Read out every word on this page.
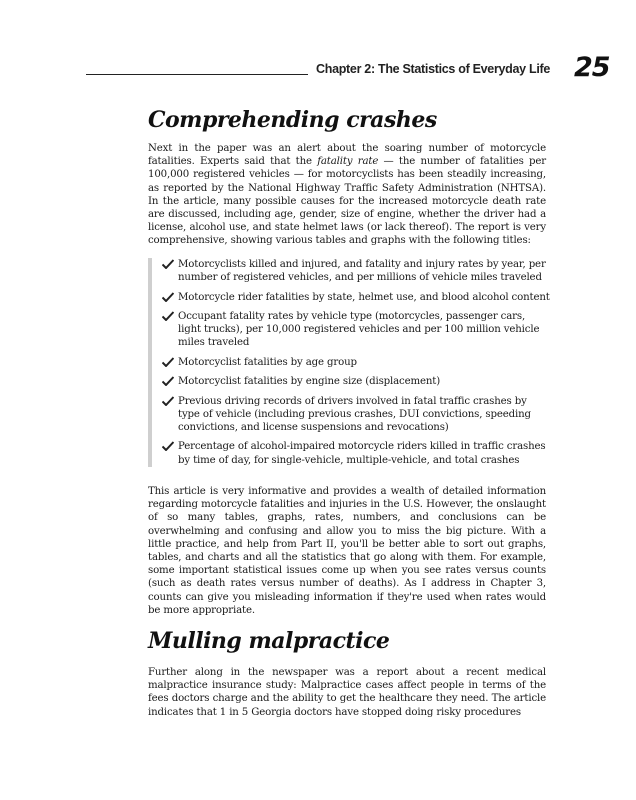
Chapter 2: The Statistics of Everyday Life 25
Comprehending crashes

Next in the paper was an alert about the soaring number of motorcycle fatalities. Experts said that the fatality rate — the number of fatalities per 100,000 registered vehicles — for motorcyclists has been steadily increasing, as reported by the National Highway Traffic Safety Administration (NHTSA). In the article, many possible causes for the increased motorcycle death rate are discussed, including age, gender, size of engine, whether the driver had a license, alcohol use, and state helmet laws (or lack thereof). The report is very comprehensive, showing various tables and graphs with the following titles:

Motorcyclists killed and injured, and fatality and injury rates by year, per number of registered vehicles, and per millions of vehicle miles traveled
Motorcycle rider fatalities by state, helmet use, and blood alcohol content
Occupant fatality rates by vehicle type (motorcycles, passenger cars, light trucks), per 10,000 registered vehicles and per 100 million vehicle miles traveled
Motorcyclist fatalities by age group
Motorcyclist fatalities by engine size (displacement)
Previous driving records of drivers involved in fatal traffic crashes by type of vehicle (including previous crashes, DUI convictions, speeding convictions, and license suspensions and revocations)
Percentage of alcohol-impaired motorcycle riders killed in traffic crashes by time of day, for single-vehicle, multiple-vehicle, and total crashes

This article is very informative and provides a wealth of detailed information regarding motorcycle fatalities and injuries in the U.S. However, the onslaught of so many tables, graphs, rates, numbers, and conclusions can be overwhelming and confusing and allow you to miss the big picture. With a little practice, and help from Part II, you'll be better able to sort out graphs, tables, and charts and all the statistics that go along with them. For example, some important statistical issues come up when you see rates versus counts (such as death rates versus number of deaths). As I address in Chapter 3, counts can give you misleading information if they're used when rates would be more appropriate.

Mulling malpractice

Further along in the newspaper was a report about a recent medical malpractice insurance study: Malpractice cases affect people in terms of the fees doctors charge and the ability to get the healthcare they need. The article indicates that 1 in 5 Georgia doctors have stopped doing risky procedures
